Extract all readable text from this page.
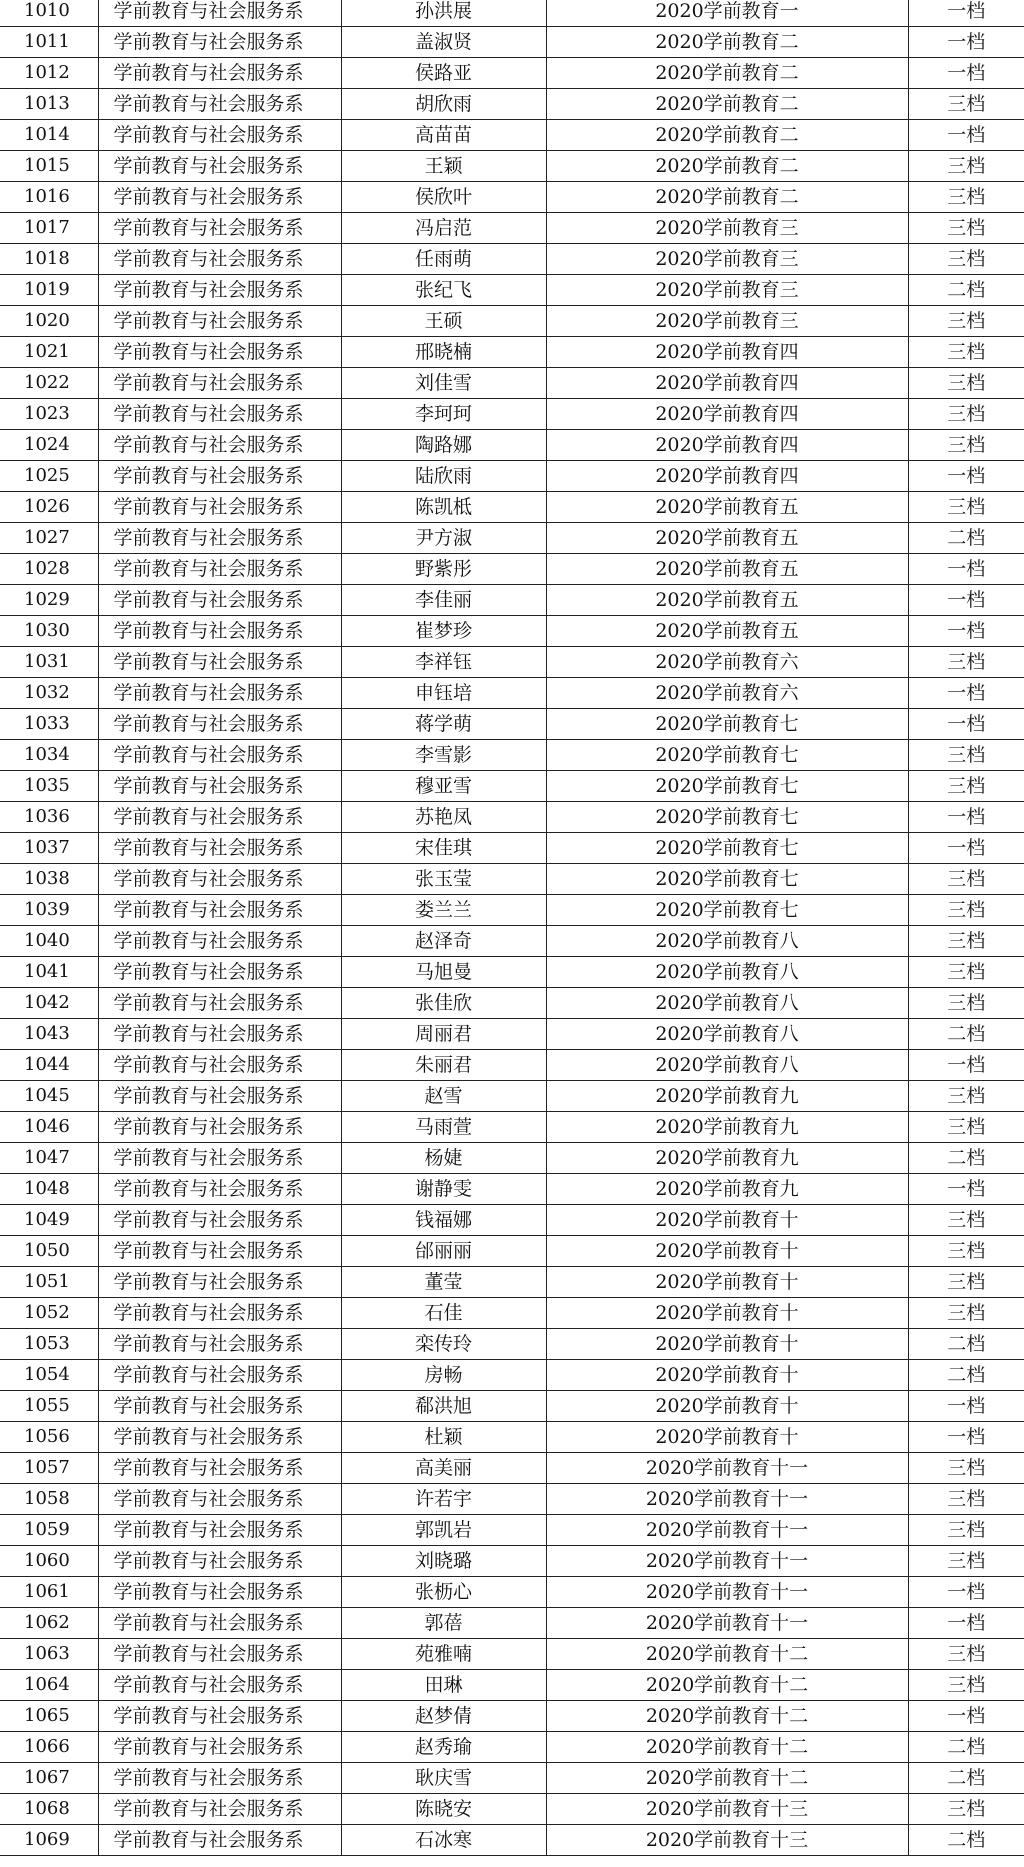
1010	学前教育与社会服务系	孙洪展	2020学前教育一	一档
1011	学前教育与社会服务系	盖淑贤	2020学前教育二	一档
1012	学前教育与社会服务系	侯路亚	2020学前教育二	一档
1013	学前教育与社会服务系	胡欣雨	2020学前教育二	三档
1014	学前教育与社会服务系	高苗苗	2020学前教育二	一档
1015	学前教育与社会服务系	王颖	2020学前教育二	三档
1016	学前教育与社会服务系	侯欣叶	2020学前教育二	三档
1017	学前教育与社会服务系	冯启范	2020学前教育三	三档
1018	学前教育与社会服务系	任雨萌	2020学前教育三	三档
1019	学前教育与社会服务系	张纪飞	2020学前教育三	二档
1020	学前教育与社会服务系	王硕	2020学前教育三	三档
1021	学前教育与社会服务系	邢晓楠	2020学前教育四	三档
1022	学前教育与社会服务系	刘佳雪	2020学前教育四	三档
1023	学前教育与社会服务系	李珂珂	2020学前教育四	三档
1024	学前教育与社会服务系	陶路娜	2020学前教育四	三档
1025	学前教育与社会服务系	陆欣雨	2020学前教育四	一档
1026	学前教育与社会服务系	陈凯柢	2020学前教育五	三档
1027	学前教育与社会服务系	尹方淑	2020学前教育五	二档
1028	学前教育与社会服务系	野紫彤	2020学前教育五	一档
1029	学前教育与社会服务系	李佳丽	2020学前教育五	一档
1030	学前教育与社会服务系	崔梦珍	2020学前教育五	一档
1031	学前教育与社会服务系	李祥钰	2020学前教育六	三档
1032	学前教育与社会服务系	申钰培	2020学前教育六	一档
1033	学前教育与社会服务系	蒋学萌	2020学前教育七	一档
1034	学前教育与社会服务系	李雪影	2020学前教育七	三档
1035	学前教育与社会服务系	穆亚雪	2020学前教育七	三档
1036	学前教育与社会服务系	苏艳凤	2020学前教育七	一档
1037	学前教育与社会服务系	宋佳琪	2020学前教育七	一档
1038	学前教育与社会服务系	张玉莹	2020学前教育七	三档
1039	学前教育与社会服务系	娄兰兰	2020学前教育七	三档
1040	学前教育与社会服务系	赵泽奇	2020学前教育八	三档
1041	学前教育与社会服务系	马旭曼	2020学前教育八	三档
1042	学前教育与社会服务系	张佳欣	2020学前教育八	三档
1043	学前教育与社会服务系	周丽君	2020学前教育八	二档
1044	学前教育与社会服务系	朱丽君	2020学前教育八	一档
1045	学前教育与社会服务系	赵雪	2020学前教育九	三档
1046	学前教育与社会服务系	马雨萱	2020学前教育九	三档
1047	学前教育与社会服务系	杨婕	2020学前教育九	二档
1048	学前教育与社会服务系	谢静雯	2020学前教育九	一档
1049	学前教育与社会服务系	钱福娜	2020学前教育十	三档
1050	学前教育与社会服务系	邰丽丽	2020学前教育十	三档
1051	学前教育与社会服务系	董莹	2020学前教育十	三档
1052	学前教育与社会服务系	石佳	2020学前教育十	三档
1053	学前教育与社会服务系	栾传玲	2020学前教育十	二档
1054	学前教育与社会服务系	房畅	2020学前教育十	二档
1055	学前教育与社会服务系	郗洪旭	2020学前教育十	一档
1056	学前教育与社会服务系	杜颖	2020学前教育十	一档
1057	学前教育与社会服务系	高美丽	2020学前教育十一	三档
1058	学前教育与社会服务系	许若宇	2020学前教育十一	三档
1059	学前教育与社会服务系	郭凯岩	2020学前教育十一	三档
1060	学前教育与社会服务系	刘晓璐	2020学前教育十一	三档
1061	学前教育与社会服务系	张枥心	2020学前教育十一	一档
1062	学前教育与社会服务系	郭蓓	2020学前教育十一	一档
1063	学前教育与社会服务系	苑雅喃	2020学前教育十二	三档
1064	学前教育与社会服务系	田琳	2020学前教育十二	三档
1065	学前教育与社会服务系	赵梦倩	2020学前教育十二	一档
1066	学前教育与社会服务系	赵秀瑜	2020学前教育十二	二档
1067	学前教育与社会服务系	耿庆雪	2020学前教育十二	二档
1068	学前教育与社会服务系	陈晓安	2020学前教育十三	三档
1069	学前教育与社会服务系	石冰寒	2020学前教育十三	二档
